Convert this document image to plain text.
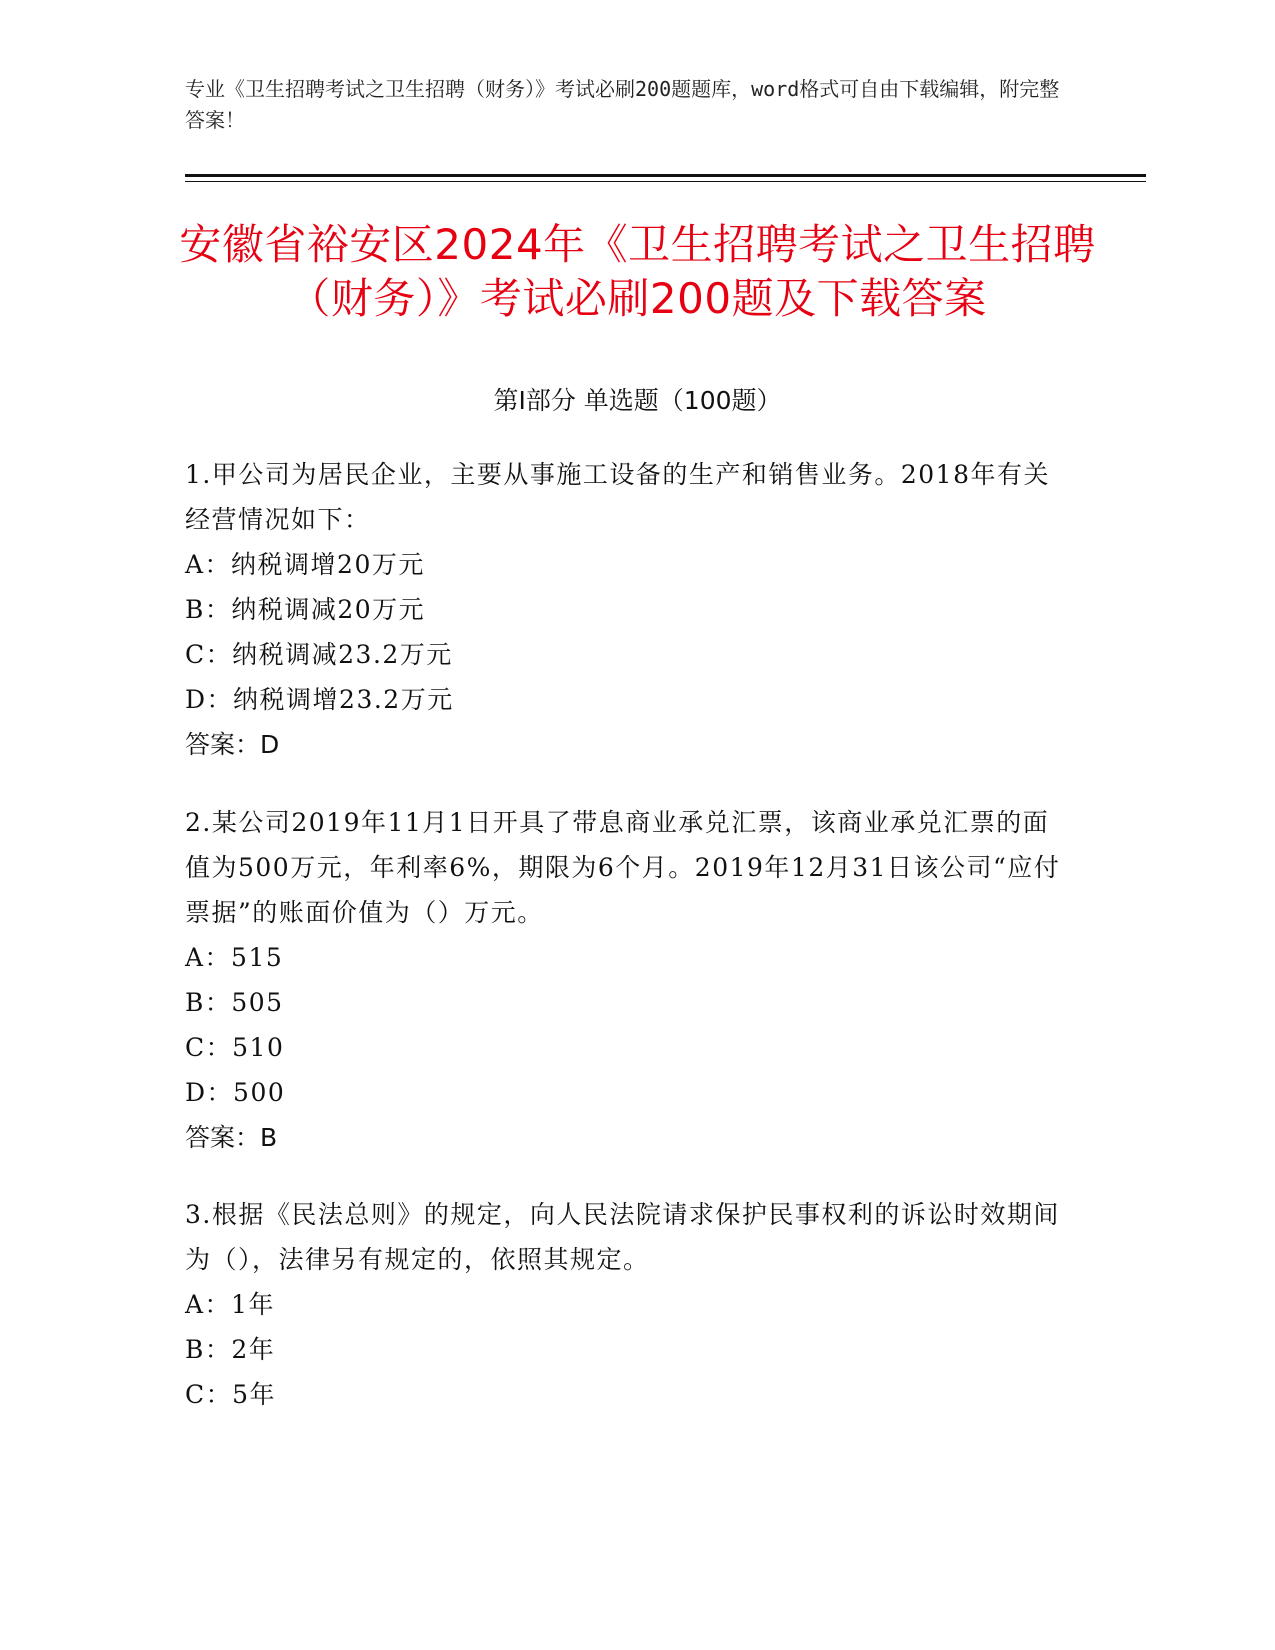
专业《卫生招聘考试之卫生招聘（财务）》考试必刷200题题库，word格式可自由下载编辑，附完整答案！
安徽省裕安区2024年《卫生招聘考试之卫生招聘（财务）》考试必刷200题及下载答案
第I部分 单选题（100题）

1.甲公司为居民企业，主要从事施工设备的生产和销售业务。2018年有关经营情况如下：

A：纳税调增20万元

B：纳税调减20万元

C：纳税调减23.2万元

D：纳税调增23.2万元

答案：D

2.某公司2019年11月1日开具了带息商业承兑汇票，该商业承兑汇票的面值为500万元，年利率6%，期限为6个月。2019年12月31日该公司“应付票据”的账面价值为（）万元。

A：515

B：505

C：510

D：500

答案：B

3.根据《民法总则》的规定，向人民法院请求保护民事权利的诉讼时效期间为（），法律另有规定的，依照其规定。

A：1年

B：2年

C：5年
